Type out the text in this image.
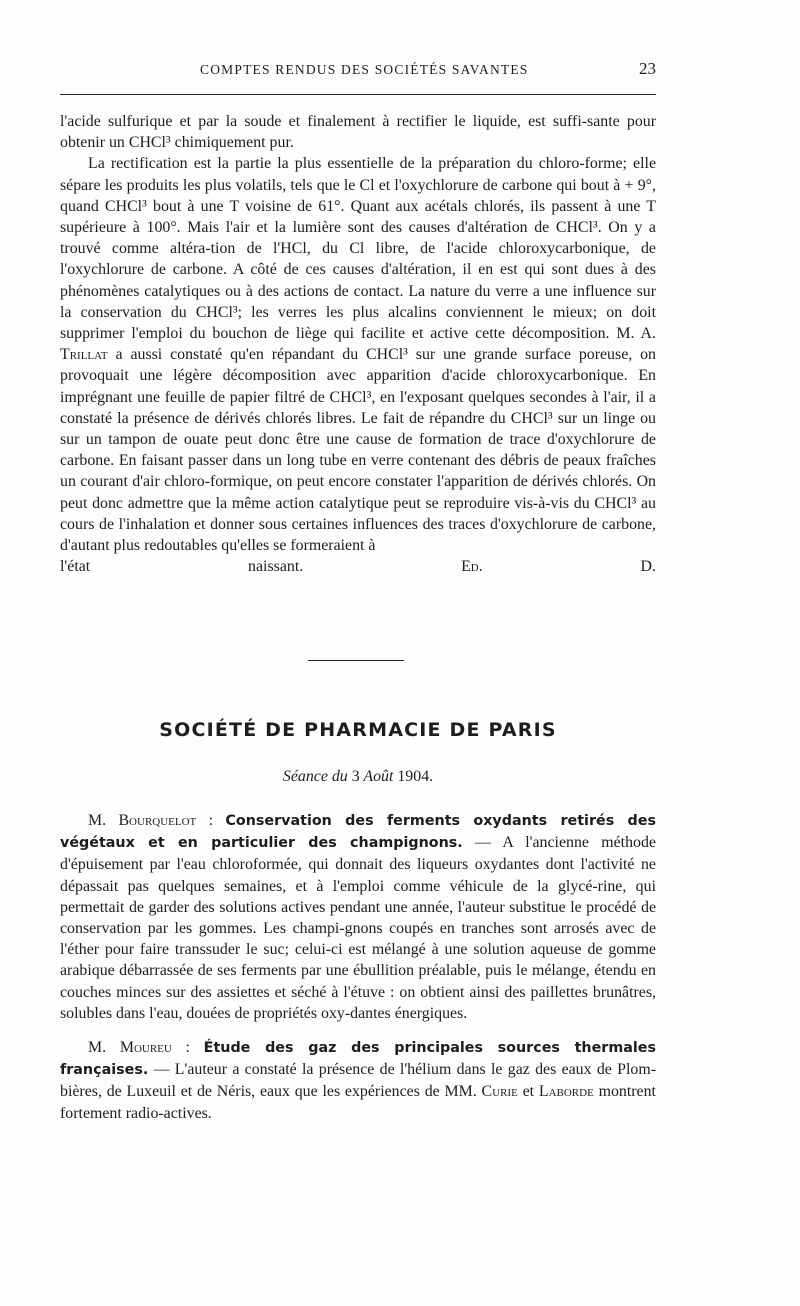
COMPTES RENDUS DES SOCIÉTÉS SAVANTES	23

l'acide sulfurique et par la soude et finalement à rectifier le liquide, est suffi-sante pour obtenir un CHCl³ chimiquement pur.

La rectification est la partie la plus essentielle de la préparation du chloro-forme; elle sépare les produits les plus volatils, tels que le Cl et l'oxychlorure de carbone qui bout à + 9°, quand CHCl³ bout à une T voisine de 61°. Quant aux acétals chlorés, ils passent à une T supérieure à 100°. Mais l'air et la lumière sont des causes d'altération de CHCl³. On y a trouvé comme altéra-tion de l'HCl, du Cl libre, de l'acide chloroxycarbonique, de l'oxychlorure de carbone. A côté de ces causes d'altération, il en est qui sont dues à des phénomènes catalytiques ou à des actions de contact. La nature du verre a une influence sur la conservation du CHCl³; les verres les plus alcalins conviennent le mieux; on doit supprimer l'emploi du bouchon de liège qui facilite et active cette décomposition. M. A. Trillat a aussi constaté qu'en répandant du CHCl³ sur une grande surface poreuse, on provoquait une légère décomposition avec apparition d'acide chloroxycarbonique. En imprégnant une feuille de papier filtré de CHCl³, en l'exposant quelques secondes à l'air, il a constaté la présence de dérivés chlorés libres. Le fait de répandre du CHCl³ sur un linge ou sur un tampon de ouate peut donc être une cause de formation de trace d'oxychlorure de carbone. En faisant passer dans un long tube en verre contenant des débris de peaux fraîches un courant d'air chloro-formique, on peut encore constater l'apparition de dérivés chlorés. On peut donc admettre que la même action catalytique peut se reproduire vis-à-vis du CHCl³ au cours de l'inhalation et donner sous certaines influences des traces d'oxychlorure de carbone, d'autant plus redoutables qu'elles se formeraient à

l'état naissant.	Ed. D.

SOCIÉTÉ DE PHARMACIE DE PARIS
Séance du 3 Août 1904.

M. Bourquelot : Conservation des ferments oxydants retirés des végétaux et en particulier des champignons. — A l'ancienne méthode d'épuisement par l'eau chloroformée, qui donnait des liqueurs oxydantes dont l'activité ne dépassait pas quelques semaines, et à l'emploi comme véhicule de la glycé-rine, qui permettait de garder des solutions actives pendant une année, l'auteur substitue le procédé de conservation par les gommes. Les champi-gnons coupés en tranches sont arrosés avec de l'éther pour faire transsuder le suc; celui-ci est mélangé à une solution aqueuse de gomme arabique débarrassée de ses ferments par une ébullition préalable, puis le mélange, étendu en couches minces sur des assiettes et séché à l'étuve : on obtient ainsi des paillettes brunâtres, solubles dans l'eau, douées de propriétés oxy-dantes énergiques.

M. Moureu : Étude des gaz des principales sources thermales françaises. — L'auteur a constaté la présence de l'hélium dans le gaz des eaux de Plom-bières, de Luxeuil et de Néris, eaux que les expériences de MM. Curie et Laborde montrent fortement radio-actives.
